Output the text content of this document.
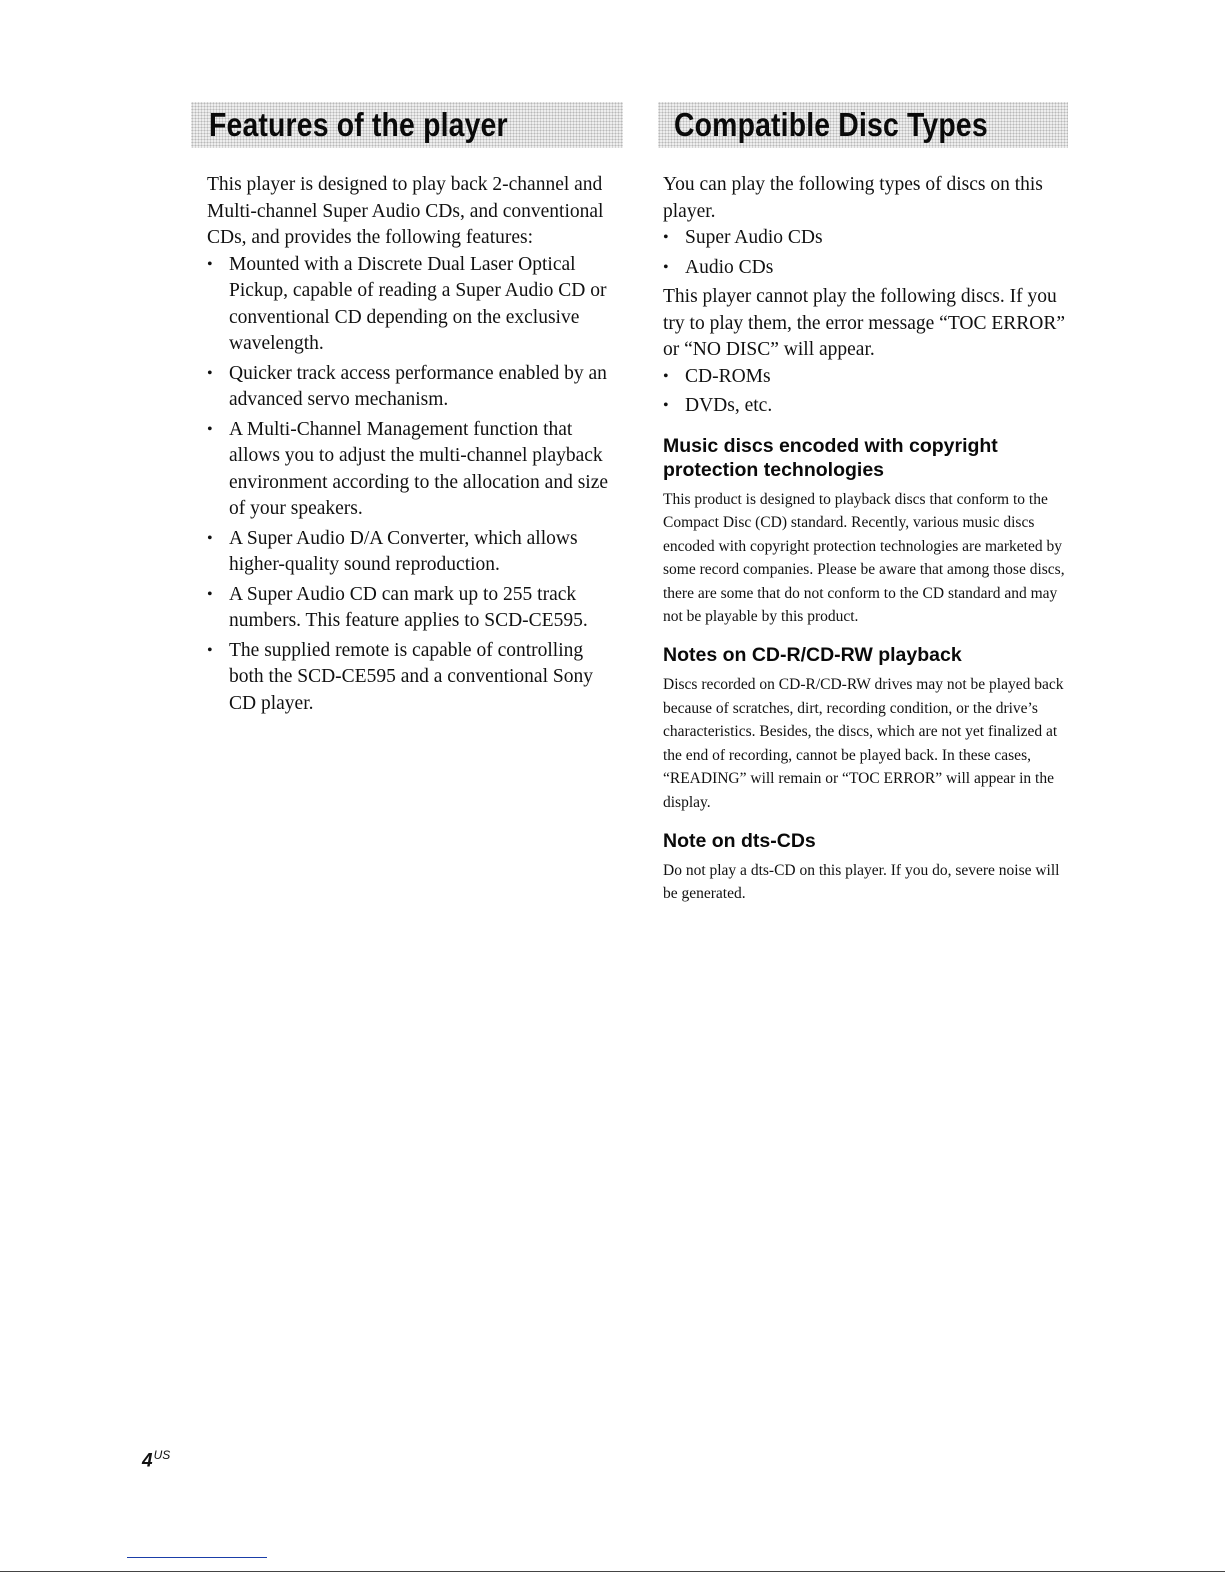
Features of the player

This player is designed to play back 2-channel and Multi-channel Super Audio CDs, and conventional CDs, and provides the following features:

• Mounted with a Discrete Dual Laser Optical Pickup, capable of reading a Super Audio CD or conventional CD depending on the exclusive wavelength.
• Quicker track access performance enabled by an advanced servo mechanism.
• A Multi-Channel Management function that allows you to adjust the multi-channel playback environment according to the allocation and size of your speakers.
• A Super Audio D/A Converter, which allows higher-quality sound reproduction.
• A Super Audio CD can mark up to 255 track numbers. This feature applies to SCD-CE595.
• The supplied remote is capable of controlling both the SCD-CE595 and a conventional Sony CD player.
Compatible Disc Types

You can play the following types of discs on this player.

• Super Audio CDs
• Audio CDs

This player cannot play the following discs. If you try to play them, the error message “TOC ERROR” or “NO DISC” will appear.

• CD-ROMs
• DVDs, etc.
Music discs encoded with copyright protection technologies

This product is designed to playback discs that conform to the Compact Disc (CD) standard. Recently, various music discs encoded with copyright protection technologies are marketed by some record companies. Please be aware that among those discs, there are some that do not conform to the CD standard and may not be playable by this product.

Notes on CD-R/CD-RW playback

Discs recorded on CD-R/CD-RW drives may not be played back because of scratches, dirt, recording condition, or the drive’s characteristics. Besides, the discs, which are not yet finalized at the end of recording, cannot be played back. In these cases, “READING” will remain or “TOC ERROR” will appear in the display.

Note on dts-CDs

Do not play a dts-CD on this player. If you do, severe noise will be generated.

$4^{US}$
